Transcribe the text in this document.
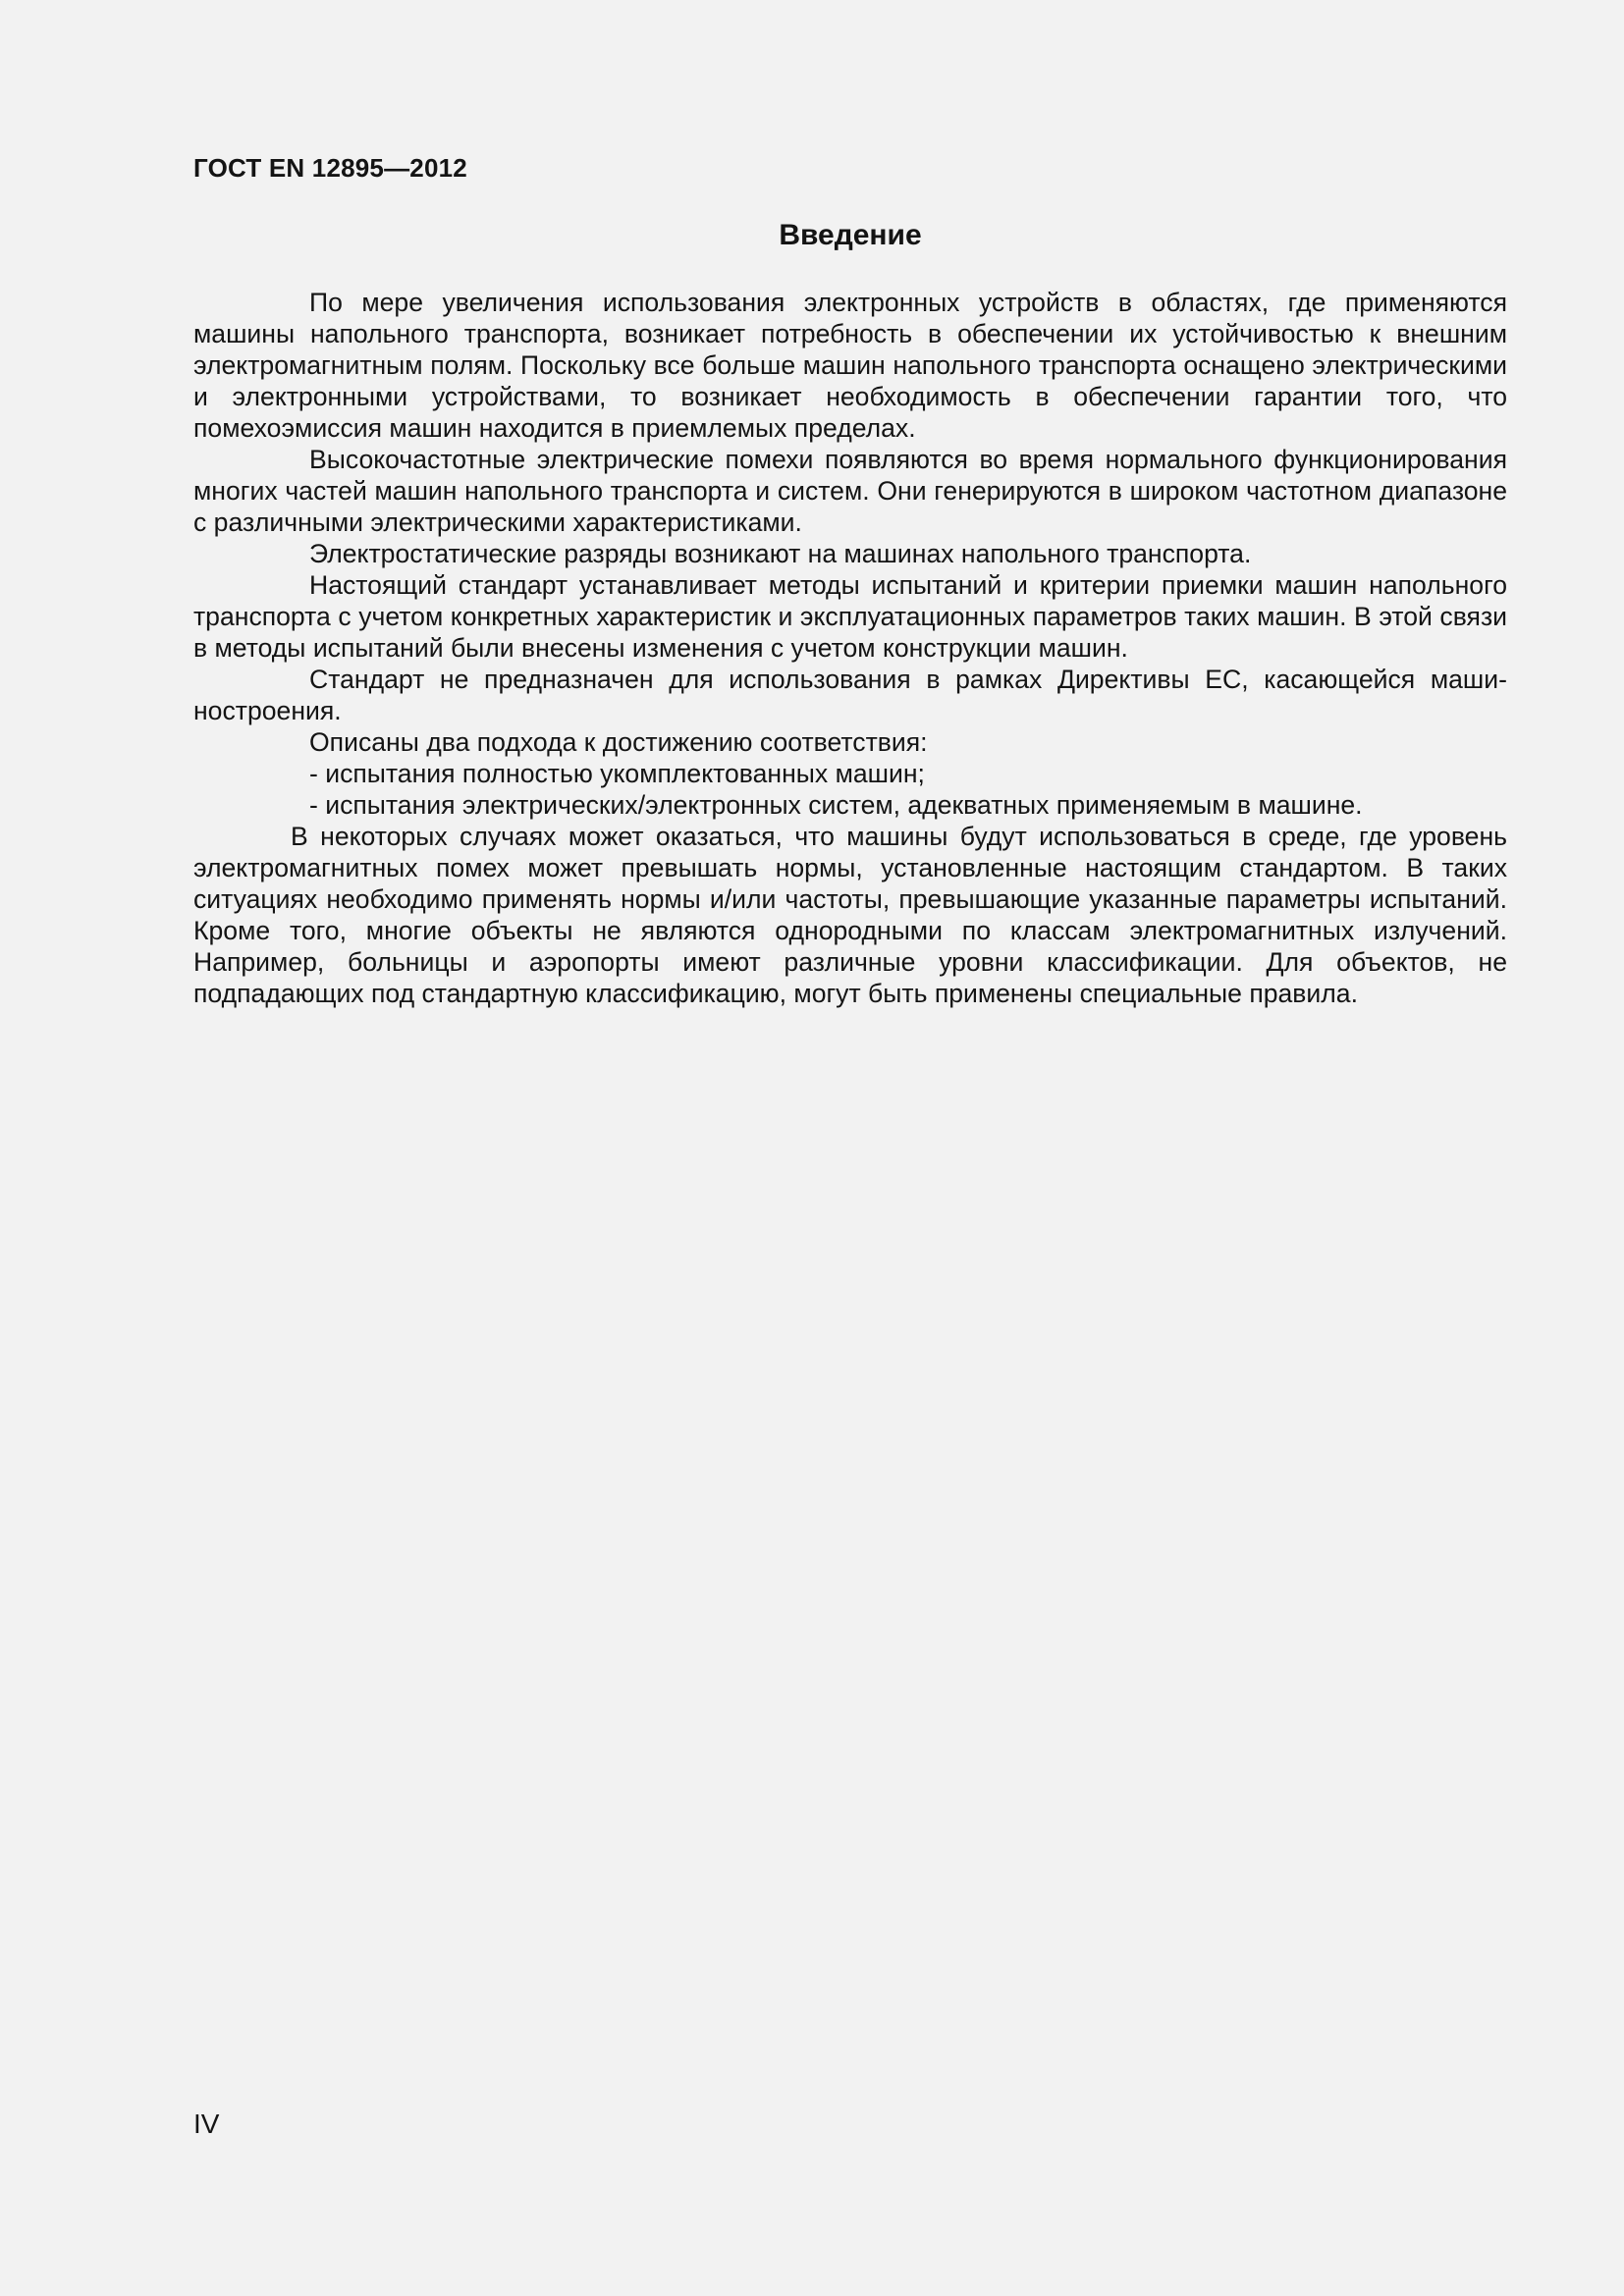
ГОСТ EN 12895—2012
Введение

По мере увеличения использования электронных устройств в областях, где применяются машины напольного транспорта, возникает потребность в обеспечении их устойчивостью к внешним электромагнитным полям. Поскольку все больше машин напольного транспорта оснащено электрическими и электронными устройствами, то возникает необходимость в обеспечении гарантии того, что помехоэмиссия машин находится в приемлемых пределах.

Высокочастотные электрические помехи появляются во время нормального функционирования многих частей машин напольного транспорта и систем. Они генерируются в широком частотном диапазоне с различными электрическими характеристиками.

Электростатические разряды возникают на машинах напольного транспорта.

Настоящий стандарт устанавливает методы испытаний и критерии приемки машин напольного транспорта с учетом конкретных характеристик и эксплуатационных параметров таких машин. В этой связи в методы испытаний были внесены изменения с учетом конструкции машин.

Стандарт не предназначен для использования в рамках Директивы ЕС, касающейся машиностроения.

Описаны два подхода к достижению соответствия:

- испытания полностью укомплектованных машин;

- испытания электрических/электронных систем, адекватных применяемым в машине.

В некоторых случаях может оказаться, что машины будут использоваться в среде, где уровень электромагнитных помех может превышать нормы, установленные настоящим стандартом. В таких ситуациях необходимо применять нормы и/или частоты, превышающие указанные параметры испытаний. Кроме того, многие объекты не являются однородными по классам электромагнитных излучений. Например, больницы и аэропорты имеют различные уровни классификации. Для объектов, не подпадающих под стандартную классификацию, могут быть применены специальные правила.

IV
